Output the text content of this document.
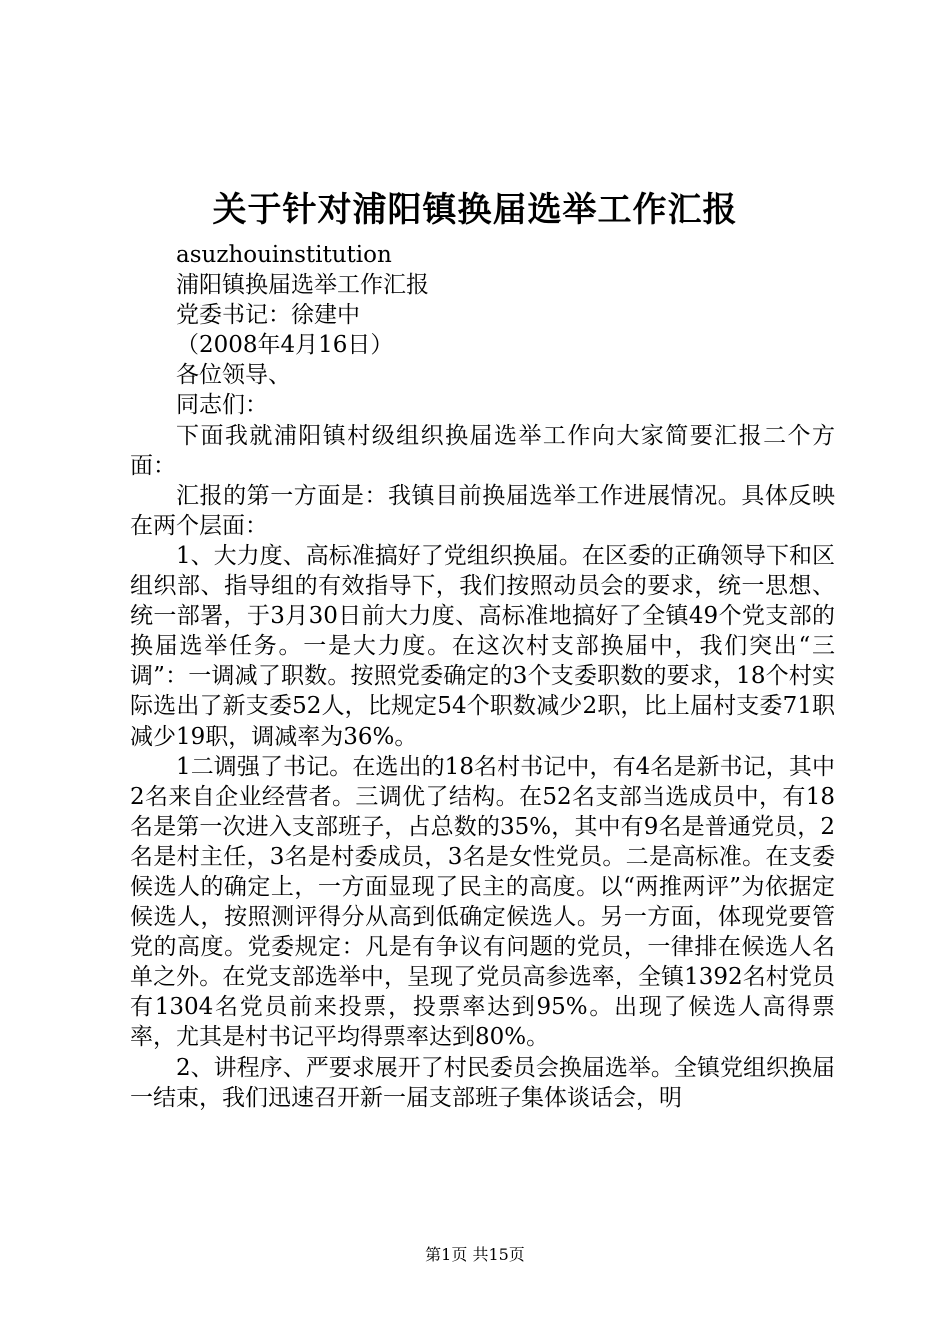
关于针对浦阳镇换届选举工作汇报

asuzhouinstitution

浦阳镇换届选举工作汇报

党委书记：徐建中

（2008年4月16日）

各位领导、

同志们：

下面我就浦阳镇村级组织换届选举工作向大家简要汇报二个方面：

汇报的第一方面是：我镇目前换届选举工作进展情况。具体反映在两个层面：

1、大力度、高标准搞好了党组织换届。在区委的正确领导下和区组织部、指导组的有效指导下，我们按照动员会的要求，统一思想、统一部署，于3月30日前大力度、高标准地搞好了全镇49个党支部的换届选举任务。一是大力度。在这次村支部换届中，我们突出“三调”：一调减了职数。按照党委确定的3个支委职数的要求，18个村实际选出了新支委52人，比规定54个职数减少2职，比上届村支委71职减少19职，调减率为36%。

1二调强了书记。在选出的18名村书记中，有4名是新书记，其中2名来自企业经营者。三调优了结构。在52名支部当选成员中，有18名是第一次进入支部班子，占总数的35%，其中有9名是普通党员，2名是村主任，3名是村委成员，3名是女性党员。二是高标准。在支委候选人的确定上，一方面显现了民主的高度。以“两推两评”为依据定候选人，按照测评得分从高到低确定候选人。另一方面，体现党要管党的高度。党委规定：凡是有争议有问题的党员，一律排在候选人名单之外。在党支部选举中，呈现了党员高参选率，全镇1392名村党员有1304名党员前来投票，投票率达到95%。出现了候选人高得票率，尤其是村书记平均得票率达到80%。

2、讲程序、严要求展开了村民委员会换届选举。全镇党组织换届一结束，我们迅速召开新一届支部班子集体谈话会，明

第1页 共15页
